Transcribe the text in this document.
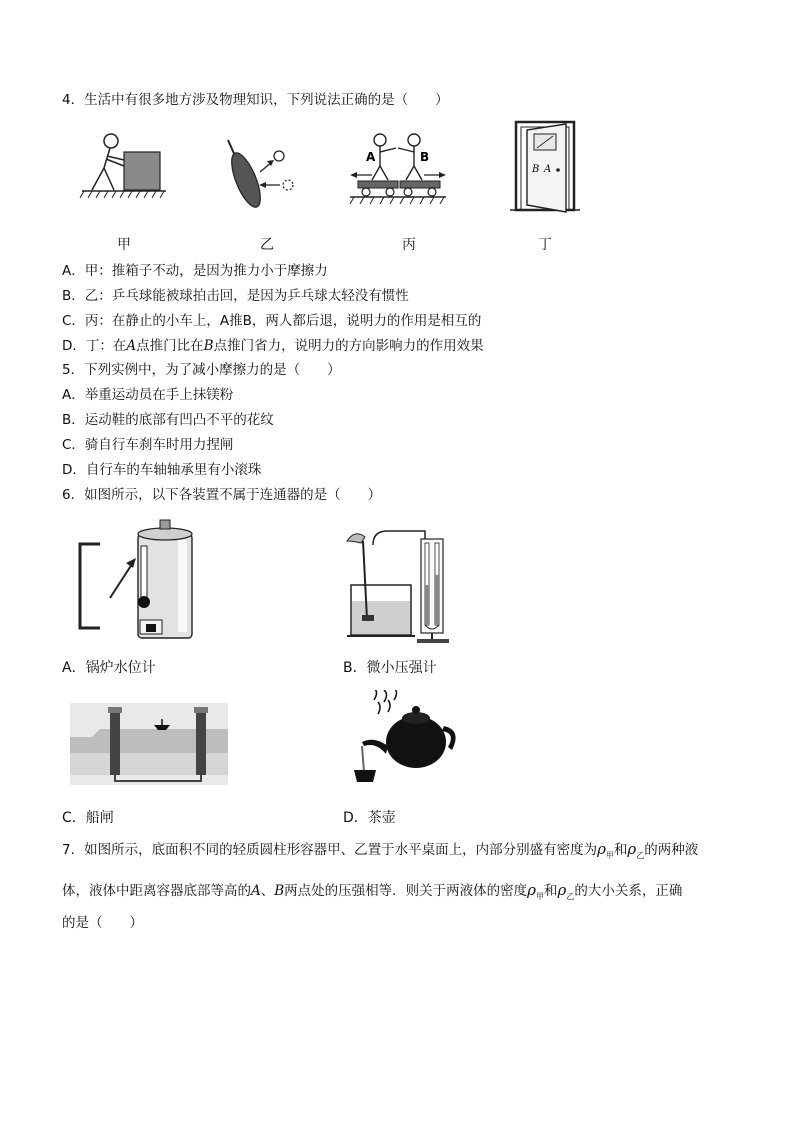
4．生活中有很多地方涉及物理知识，下列说法正确的是（　　）
A	B
B A
甲	乙	丙	丁
A．甲：推箱子不动，是因为推力小于摩擦力
B．乙：乒乓球能被球拍击回，是因为乒乓球太轻没有惯性
C．丙：在静止的小车上，A推B，两人都后退，说明力的作用是相互的
D．丁：在A点推门比在B点推门省力，说明力的方向影响力的作用效果
5．下列实例中，为了减小摩擦力的是（　　）
A．举重运动员在手上抹镁粉
B．运动鞋的底部有凹凸不平的花纹
C．骑自行车刹车时用力捏闸
D．自行车的车轴轴承里有小滚珠
6．如图所示，以下各装置不属于连通器的是（　　）
A．锅炉水位计	B．微小压强计
C．船闸	D．茶壶
7．如图所示，底面积不同的轻质圆柱形容器甲、乙置于水平桌面上，内部分别盛有密度为$\rho_甲$和$\rho_乙$的两种液
体，液体中距离容器底部等高的A、B两点处的压强相等．则关于两液体的密度$\rho_甲$和$\rho_乙$的大小关系，正确
的是（　　）
